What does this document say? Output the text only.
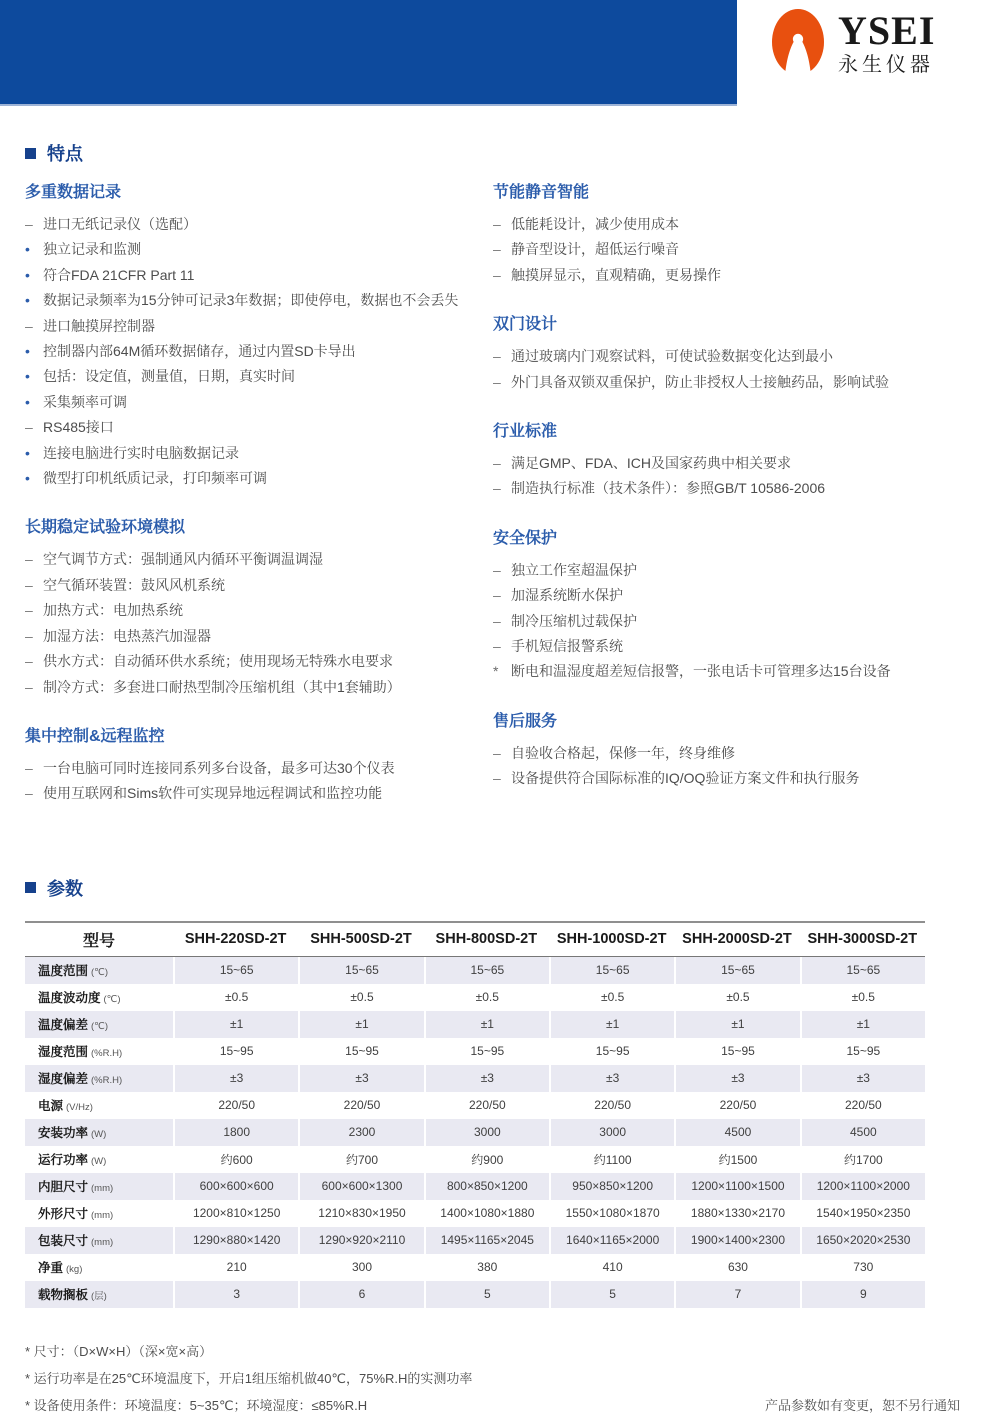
YSEI
永生仪器
特点
多重数据记录
– 进口无纸记录仪（选配）
• 独立记录和监测
• 符合FDA 21CFR Part 11
• 数据记录频率为15分钟可记录3年数据；即使停电，数据也不会丢失
– 进口触摸屏控制器
• 控制器内部64M循环数据储存，通过内置SD卡导出
• 包括：设定值，测量值，日期，真实时间
• 采集频率可调
– RS485接口
• 连接电脑进行实时电脑数据记录
• 微型打印机纸质记录，打印频率可调
长期稳定试验环境模拟
– 空气调节方式：强制通风内循环平衡调温调湿
– 空气循环装置：鼓风风机系统
– 加热方式：电加热系统
– 加湿方法：电热蒸汽加湿器
– 供水方式：自动循环供水系统；使用现场无特殊水电要求
– 制冷方式：多套进口耐热型制冷压缩机组（其中1套辅助）
集中控制&远程监控
– 一台电脑可同时连接同系列多台设备，最多可达30个仪表
– 使用互联网和Sims软件可实现异地远程调试和监控功能
节能静音智能
– 低能耗设计，减少使用成本
– 静音型设计，超低运行噪音
– 触摸屏显示，直观精确，更易操作
双门设计
– 通过玻璃内门观察试料，可使试验数据变化达到最小
– 外门具备双锁双重保护，防止非授权人士接触药品，影响试验
行业标准
– 满足GMP、FDA、ICH及国家药典中相关要求
– 制造执行标准（技术条件）：参照GB/T 10586-2006
安全保护
– 独立工作室超温保护
– 加湿系统断水保护
– 制冷压缩机过载保护
– 手机短信报警系统
* 断电和温湿度超差短信报警，一张电话卡可管理多达15台设备
售后服务
– 自验收合格起，保修一年，终身维修
– 设备提供符合国际标准的IQ/OQ验证方案文件和执行服务
参数
型号	SHH-220SD-2T	SHH-500SD-2T	SHH-800SD-2T	SHH-1000SD-2T	SHH-2000SD-2T	SHH-3000SD-2T
温度范围 (℃)	15~65	15~65	15~65	15~65	15~65	15~65
温度波动度 (℃)	±0.5	±0.5	±0.5	±0.5	±0.5	±0.5
温度偏差 (℃)	±1	±1	±1	±1	±1	±1
湿度范围 (%R.H)	15~95	15~95	15~95	15~95	15~95	15~95
湿度偏差 (%R.H)	±3	±3	±3	±3	±3	±3
电源 (V/Hz)	220/50	220/50	220/50	220/50	220/50	220/50
安装功率 (W)	1800	2300	3000	3000	4500	4500
运行功率 (W)	约600	约700	约900	约1100	约1500	约1700
内胆尺寸 (mm)	600×600×600	600×600×1300	800×850×1200	950×850×1200	1200×1100×1500	1200×1100×2000
外形尺寸 (mm)	1200×810×1250	1210×830×1950	1400×1080×1880	1550×1080×1870	1880×1330×2170	1540×1950×2350
包装尺寸 (mm)	1290×880×1420	1290×920×2110	1495×1165×2045	1640×1165×2000	1900×1400×2300	1650×2020×2530
净重 (kg)	210	300	380	410	630	730
载物搁板 (层)	3	6	5	5	7	9
* 尺寸：（D×W×H）（深×宽×高）
* 运行功率是在25℃环境温度下，开启1组压缩机做40℃，75%R.H的实测功率
* 设备使用条件：环境温度：5~35℃；环境湿度：≤85%R.H	产品参数如有变更，恕不另行通知
